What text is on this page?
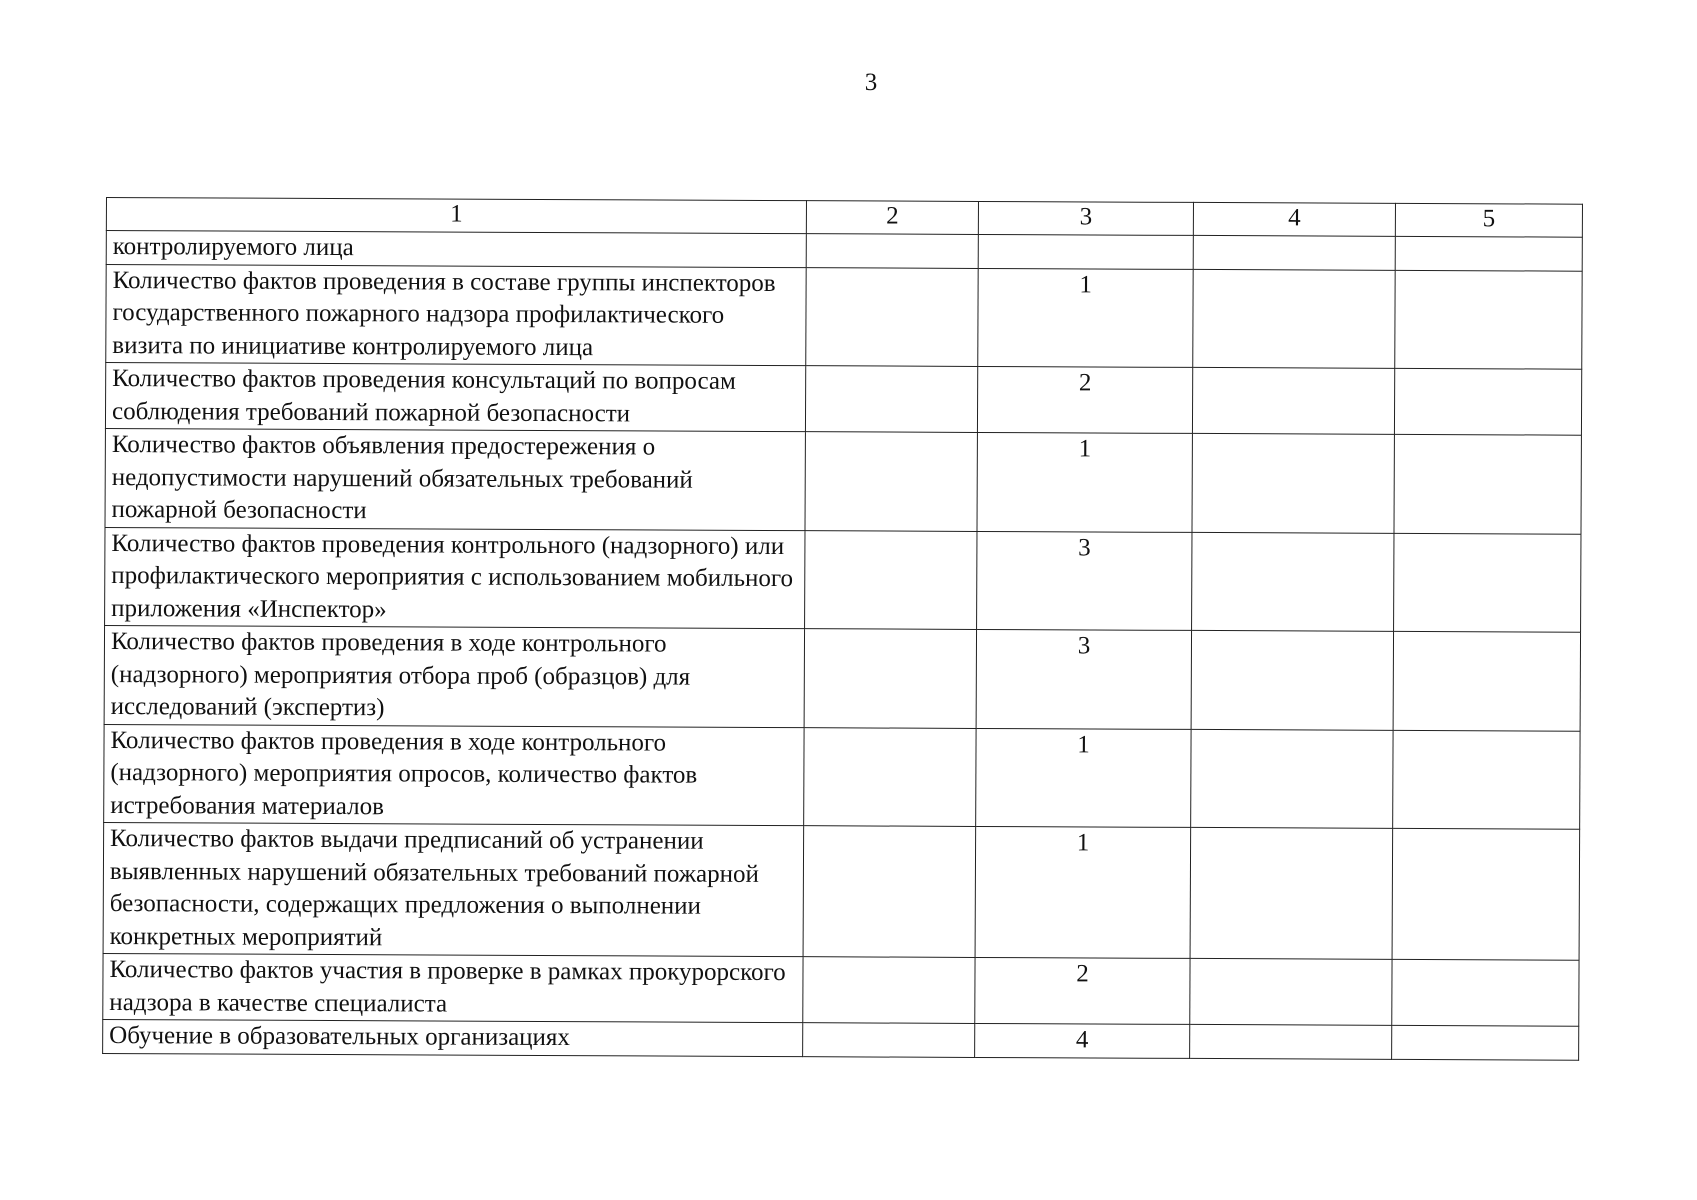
3
1	2	3	4	5
контролируемого лица				
Количество фактов проведения в составе группы инспекторов государственного пожарного надзора профилактического визита по инициативе контролируемого лица		1		
Количество фактов проведения консультаций по вопросам соблюдения требований пожарной безопасности		2		
Количество фактов объявления предостережения о недопустимости нарушений обязательных требований пожарной безопасности		1		
Количество фактов проведения контрольного (надзорного) или профилактического мероприятия с использованием мобильного приложения «Инспектор»		3		
Количество фактов проведения в ходе контрольного (надзорного) мероприятия отбора проб (образцов) для исследований (экспертиз)		3		
Количество фактов проведения в ходе контрольного (надзорного) мероприятия опросов, количество фактов истребования материалов		1		
Количество фактов выдачи предписаний об устранении выявленных нарушений обязательных требований пожарной безопасности, содержащих предложения о выполнении конкретных мероприятий		1		
Количество фактов участия в проверке в рамках прокурорского надзора в качестве специалиста		2		
Обучение в образовательных организациях		4		
